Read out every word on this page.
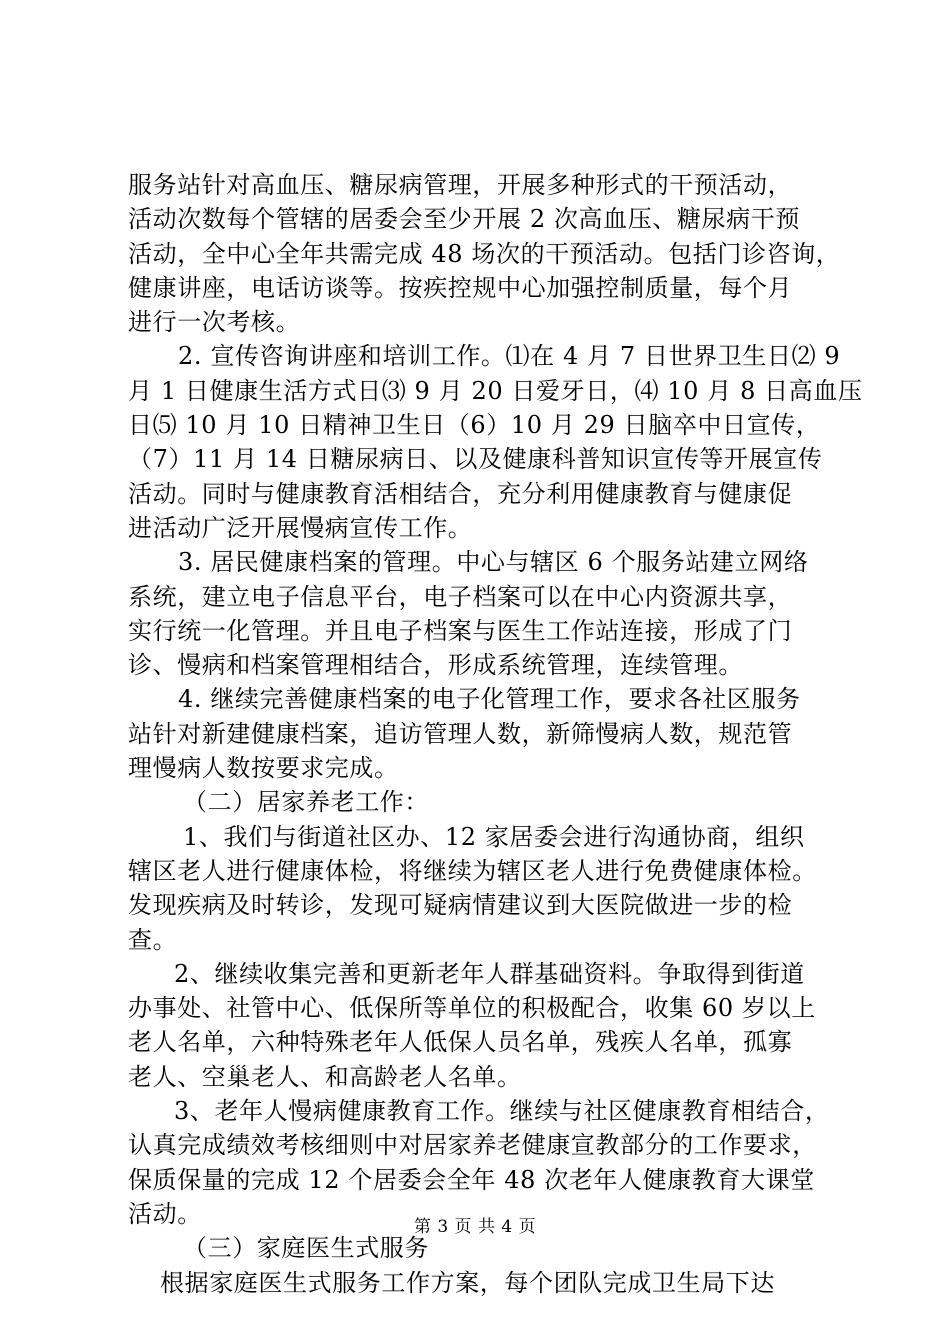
服务站针对高血压、糖尿病管理，开展多种形式的干预活动，
活动次数每个管辖的居委会至少开展 2 次高血压、糖尿病干预
活动，全中心全年共需完成 48 场次的干预活动。包括门诊咨询，
健康讲座，电话访谈等。按疾控规中心加强控制质量，每个月
进行一次考核。
2. 宣传咨询讲座和培训工作。⑴在 4 月 7 日世界卫生日⑵ 9
月 1 日健康生活方式日⑶ 9 月 20 日爱牙日，⑷ 10 月 8 日高血压
日⑸ 10 月 10 日精神卫生日（6）10 月 29 日脑卒中日宣传，
（7）11 月 14 日糖尿病日、以及健康科普知识宣传等开展宣传
活动。同时与健康教育活相结合，充分利用健康教育与健康促
进活动广泛开展慢病宣传工作。
3. 居民健康档案的管理。中心与辖区 6 个服务站建立网络
系统，建立电子信息平台，电子档案可以在中心内资源共享，
实行统一化管理。并且电子档案与医生工作站连接，形成了门
诊、慢病和档案管理相结合，形成系统管理，连续管理。
4. 继续完善健康档案的电子化管理工作，要求各社区服务
站针对新建健康档案，追访管理人数，新筛慢病人数，规范管
理慢病人数按要求完成。
（二）居家养老工作：
1、我们与街道社区办、12 家居委会进行沟通协商，组织
辖区老人进行健康体检，将继续为辖区老人进行免费健康体检。
发现疾病及时转诊，发现可疑病情建议到大医院做进一步的检
查。
2、继续收集完善和更新老年人群基础资料。争取得到街道
办事处、社管中心、低保所等单位的积极配合，收集 60 岁以上
老人名单，六种特殊老年人低保人员名单，残疾人名单，孤寡
老人、空巢老人、和高龄老人名单。
3、老年人慢病健康教育工作。继续与社区健康教育相结合，
认真完成绩效考核细则中对居家养老健康宣教部分的工作要求，
保质保量的完成 12 个居委会全年 48 次老年人健康教育大课堂
活动。
（三）家庭医生式服务
根据家庭医生式服务工作方案，每个团队完成卫生局下达
第 3 页 共 4 页
